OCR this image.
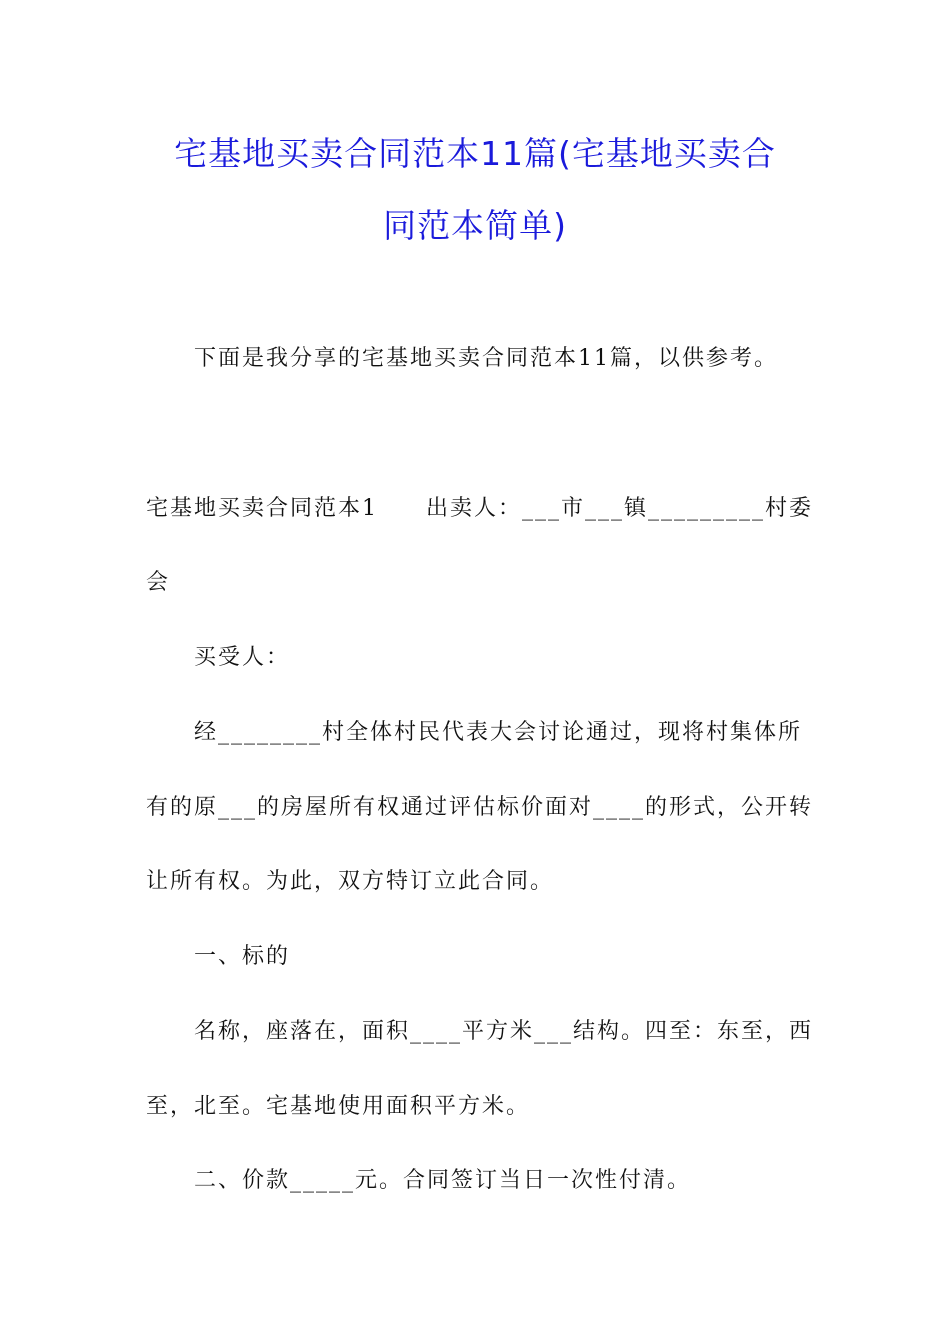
宅基地买卖合同范本11篇(宅基地买卖合
同范本简单)
下面是我分享的宅基地买卖合同范本11篇，以供参考。
宅基地买卖合同范本1 出卖人：___市___镇_________村委
会
买受人：
经________村全体村民代表大会讨论通过，现将村集体所
有的原___的房屋所有权通过评估标价面对____的形式，公开转
让所有权。为此，双方特订立此合同。
一、标的
名称，座落在，面积____平方米___结构。四至：东至，西
至，北至。宅基地使用面积平方米。
二、价款_____元。合同签订当日一次性付清。
